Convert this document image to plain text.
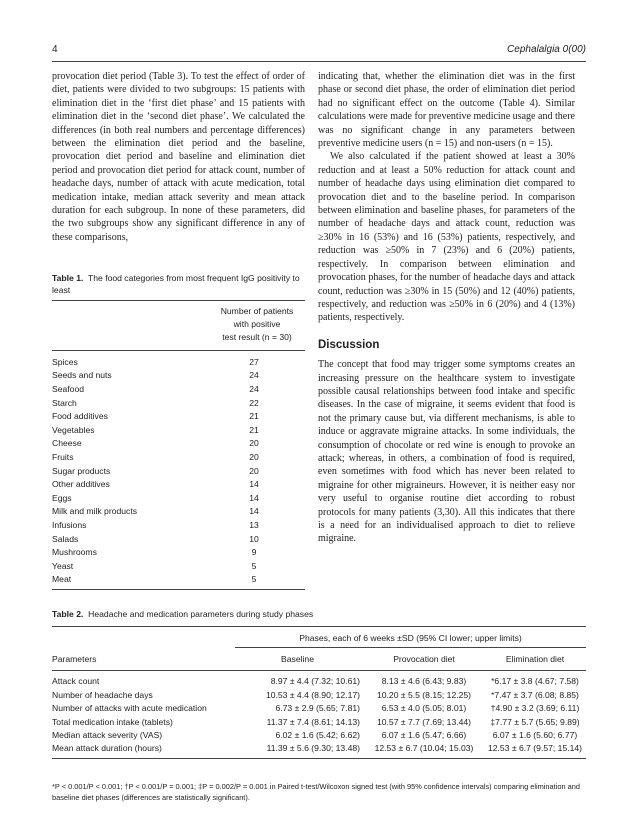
4	Cephalalgia 0(00)

provocation diet period (Table 3). To test the effect of order of diet, patients were divided to two subgroups: 15 patients with elimination diet in the ‘first diet phase’ and 15 patients with elimination diet in the ‘second diet phase’. We calculated the differences (in both real numbers and percentage differences) between the elimination diet period and the baseline, provocation diet period and baseline and elimination diet period and provocation diet period for attack count, number of headache days, number of attack with acute medication, total medication intake, median attack severity and mean attack duration for each subgroup. In none of these parameters, did the two subgroups show any significant difference in any of these comparisons,

Table 1. The food categories from most frequent IgG positivity to least

Number of patients
with positive
test result (n = 30)
Spices	27
Seeds and nuts	24
Seafood	24
Starch	22
Food additives	21
Vegetables	21
Cheese	20
Fruits	20
Sugar products	20
Other additives	14
Eggs	14
Milk and milk products	14
Infusions	13
Salads	10
Mushrooms	9
Yeast	5
Meat	5

indicating that, whether the elimination diet was in the first phase or second diet phase, the order of elimination diet period had no significant effect on the outcome (Table 4). Similar calculations were made for preventive medicine usage and there was no significant change in any parameters between preventive medicine users (n = 15) and non-users (n = 15).

We also calculated if the patient showed at least a 30% reduction and at least a 50% reduction for attack count and number of headache days using elimination diet compared to provocation diet and to the baseline period. In comparison between elimination and baseline phases, for parameters of the number of headache days and attack count, reduction was ≥30% in 16 (53%) and 16 (53%) patients, respectively, and reduction was ≥50% in 7 (23%) and 6 (20%) patients, respectively. In comparison between elimination and provocation phases, for the number of headache days and attack count, reduction was ≥30% in 15 (50%) and 12 (40%) patients, respectively, and reduction was ≥50% in 6 (20%) and 4 (13%) patients, respectively.

Discussion

The concept that food may trigger some symptoms creates an increasing pressure on the healthcare system to investigate possible causal relationships between food intake and specific diseases. In the case of migraine, it seems evident that food is not the primary cause but, via different mechanisms, is able to induce or aggravate migraine attacks. In some individuals, the consumption of chocolate or red wine is enough to provoke an attack; whereas, in others, a combination of food is required, even sometimes with food which has never been related to migraine for other migraineurs. However, it is neither easy nor very useful to organise routine diet according to robust protocols for many patients (3,30). All this indicates that there is a need for an individualised approach to diet to relieve migraine.

Table 2. Headache and medication parameters during study phases
	Phases, each of 6 weeks ±SD (95% CI lower; upper limits)
Parameters	Baseline	Provocation diet	Elimination diet
Attack count	8.97 ± 4.4 (7.32; 10.61)	8.13 ± 4.6 (6.43; 9.83)	*6.17 ± 3.8 (4.67; 7.58)
Number of headache days	10.53 ± 4.4 (8.90; 12.17)	10.20 ± 5.5 (8.15; 12.25)	*7.47 ± 3.7 (6.08; 8.85)
Number of attacks with acute medication	6.73 ± 2.9 (5.65; 7.81)	6.53 ± 4.0 (5.05; 8.01)	†4.90 ± 3.2 (3.69; 6.11)
Total medication intake (tablets)	11.37 ± 7.4 (8.61; 14.13)	10.57 ± 7.7 (7.69; 13.44)	‡7.77 ± 5.7 (5.65; 9.89)
Median attack severity (VAS)	6.02 ± 1.6 (5.42; 6.62)	6.07 ± 1.6 (5.47; 6.66)	6.07 ± 1.6 (5.60; 6.77)
Mean attack duration (hours)	11.39 ± 5.6 (9.30; 13.48)	12.53 ± 6.7 (10.04; 15.03)	12.53 ± 6.7 (9.57; 15.14)
*P < 0.001/P < 0.001; †P < 0.001/P = 0.001; ‡P = 0.002/P = 0.001 in Paired t-test/Wilcoxon signed test (with 95% confidence intervals) comparing elimination and baseline diet phases (differences are statistically significant).
